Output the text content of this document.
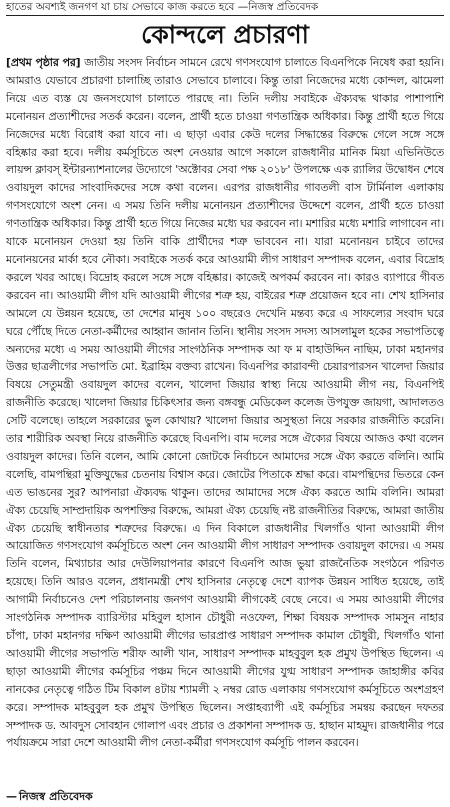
হাতের অবশ্যই জনগণ যা চায় সেভাবে কাজ করতে হবে —নিজস্ব প্রতিবেদক
কোন্দলে প্রচারণা
[প্রথম পৃষ্ঠার পর] জাতীয় সংসদ নির্বাচন সামনে রেখে গণসংযোগ চালাতে বিএনপিকে নিষেধ করা হয়নি। আমরাও যেভাবে প্রচারণা চালাচ্ছি তারাও সেভাবে চালাবে। কিন্তু তারা নিজেদের মধ্যে কোন্দল, ঝামেলা নিয়ে এত ব্যস্ত যে জনসংযোগ চালাতে পারছে না। তিনি দলীয় সবাইকে ঐক্যবদ্ধ থাকার পাশাপাশি মনোনয়ন প্রত্যাশীদের সতর্ক করেন। বলেন, প্রার্থী হতে চাওয়া গণতান্ত্রিক অধিকার। কিন্তু প্রার্থী হতে গিয়ে নিজেদের মধ্যে বিরোধ করা যাবে না। এ ছাড়া এবার কেউ দলের সিদ্ধান্তের বিরুদ্ধে গেলে সঙ্গে সঙ্গে বহিষ্কার করা হবে। দলীয় কর্মসূচিতে অংশ নেওয়ার আগে সকালে রাজধানীর মানিক মিয়া এভিনিউতে লায়ন্স ক্লাবস্‌ ইন্টারন্যাশনালের উদ্যোগে 'অক্টোবর সেবা পক্ষ ২০১৮' উপলক্ষে এক র‍্যালির উদ্বোধন শেষে ওবায়দুল কাদের সাংবাদিকদের সঙ্গে কথা বলেন। এরপর রাজধানীর গাবতলী বাস টার্মিনাল এলাকায় গণসংযোগে অংশ নেন। এ সময় তিনি দলীয় মনোনয়ন প্রত্যাশীদের উদ্দেশে বলেন, প্রার্থী হতে চাওয়া গণতান্ত্রিক অধিকার। কিন্তু প্রার্থী হতে গিয়ে নিজের মধ্যে ঘর করবেন না। মশারির মধ্যে মশারি লাগাবেন না। যাকে মনোনয়ন দেওয়া হয় তিনি বাকি প্রার্থীদের শত্রু ভাববেন না। যারা মনোনয়ন চাইবে তাদের মনোনয়নের মার্কা হবে নৌকা। সবাইকে সতর্ক করে আওয়ামী লীগ সাধারণ সম্পাদক বলেন, এবার বিদ্রোহ করলে খবর আছে। বিদ্রোহ করলে সঙ্গে সঙ্গে বহিষ্কার। কাজেই অপকর্ম করবেন না। কারও ব্যাপারে গীবত করবেন না। আওয়ামী লীগ যদি আওয়ামী লীগের শত্রু হয়, বাইরের শত্রু প্রয়োজন হবে না। শেখ হাসিনার আমলে যে উন্নয়ন হয়েছে, তা দেশের মানুষ ১০০ বছরেও দেখেনি মন্তব্য করে এ সাফল্যের সংবাদ ঘরে ঘরে পৌঁছে দিতে নেতা-কর্মীদের আহ্বান জানান তিনি। স্থানীয় সংসদ সদস্য আসলামুল হকের সভাপতিত্বে অন্যদের মধ্যে এ সময় আওয়ামী লীগের সাংগঠনিক সম্পাদক আ ফ ম বাহাউদ্দিন নাছিম, ঢাকা মহানগর উত্তর ছাত্রলীগের সভাপতি মো. ইব্রাহিম বক্তব্য রাখেন। বিএনপির কারাবন্দী চেয়ারপারসন খালেদা জিয়ার বিষয়ে সেতুমন্ত্রী ওবায়দুল কাদের বলেন, খালেদা জিয়ার স্বাস্থ্য নিয়ে আওয়ামী লীগ নয়, বিএনপিই রাজনীতি করেছে। খালেদা জিয়ার চিকিৎসার জন্য বঙ্গবন্ধু মেডিকেল কলেজ উপযুক্ত জায়গা, আদালতও সেটি বলেছে। তাহলে সরকারের ভুল কোথায়? খালেদা জিয়ার অসুস্থতা নিয়ে সরকার রাজনীতি করেনি। তার শারীরিক অবস্থা নিয়ে রাজনীতি করেছে বিএনপি। বাম দলের সঙ্গে ঐক্যের বিষয়ে আজও কথা বলেন ওবায়দুল কাদের। তিনি বলেন, আমি কোনো জোটকে নির্বাচনে আমাদের সঙ্গে ঐক্য করতে বলিনি। আমি বলেছি, বামপন্থিরা মুক্তিযুদ্ধের চেতনায় বিশ্বাস করে। জোটের পিতাকে শ্রদ্ধা করে। বামপন্থিদের ভিতরে কেন এত ভাঙনের সুর? আপনারা ঐক্যবদ্ধ থাকুন। তাদের আমাদের সঙ্গে ঐক্য করতে আমি বলিনি। আমরা ঐক্য চেয়েছি সাম্প্রদায়িক অপশক্তির বিরুদ্ধে, আমরা ঐক্য চেয়েছি নষ্ট রাজনীতির বিরুদ্ধে, আমরা জাতীয় ঐক্য চেয়েছি স্বাধীনতার শত্রুদের বিরুদ্ধে। এ দিন বিকালে রাজধানীর খিলগাঁও থানা আওয়ামী লীগ আয়োজিত গণসংযোগ কর্মসূচিতে অংশ নেন আওয়ামী লীগ সাধারণ সম্পাদক ওবায়দুল কাদের। এ সময় তিনি বলেন, মিথ্যাচার আর দেউলিয়াপনার কারণে বিএনপি আজ ভুয়া রাজনৈতিক সংগঠনে পরিণত হয়েছে। তিনি আরও বলেন, প্রধানমন্ত্রী শেখ হাসিনার নেতৃত্বে দেশে ব্যাপক উন্নয়ন সাধিত হয়েছে, তাই আগামী নির্বাচনেও দেশ পরিচালনায় জনগণ আওয়ামী লীগকেই বেছে নেবে। এ সময় আওয়ামী লীগের সাংগঠনিক সম্পাদক ব্যারিস্টার মহিবুল হাসান চৌধুরী নওফেল, শিক্ষা বিষয়ক সম্পাদক সামসুন নাহার চাঁপা, ঢাকা মহানগর দক্ষিণ আওয়ামী লীগের ভারপ্রাপ্ত সাধারণ সম্পাদক কামাল চৌধুরী, খিলগাঁও থানা আওয়ামী লীগের সভাপতি শরীফ আলী খান, সাধারণ সম্পাদক মাহবুবুল হক প্রমুখ উপস্থিত ছিলেন। এ ছাড়া আওয়ামী লীগের কর্মসূচির পঞ্চম দিনে আওয়ামী লীগের যুগ্ম সাধারণ সম্পাদক জাহাঙ্গীর কবির নানকের নেতৃত্বে গঠিত টিম বিকাল ৪টায় শ্যামলী ২ নম্বর রোড এলাকায় গণসংযোগ কর্মসূচিতে অংশগ্রহণ করে। সম্পাদক মাহবুবুল হক প্রমুখ উপস্থিত ছিলেন। সপ্তাহব্যাপী এই কর্মসূচির সমন্বয় করছেন দফতর সম্পাদক ড. আবদুস সোবহান গোলাপ এবং প্রচার ও প্রকাশনা সম্পাদক ড. হাছান মাহমুদ। রাজধানীর পরে পর্যায়ক্রমে সারা দেশে আওয়ামী লীগ নেতা-কর্মীরা গণসংযোগ কর্মসূচি পালন করবেন।
— নিজস্ব প্রতিবেদক
